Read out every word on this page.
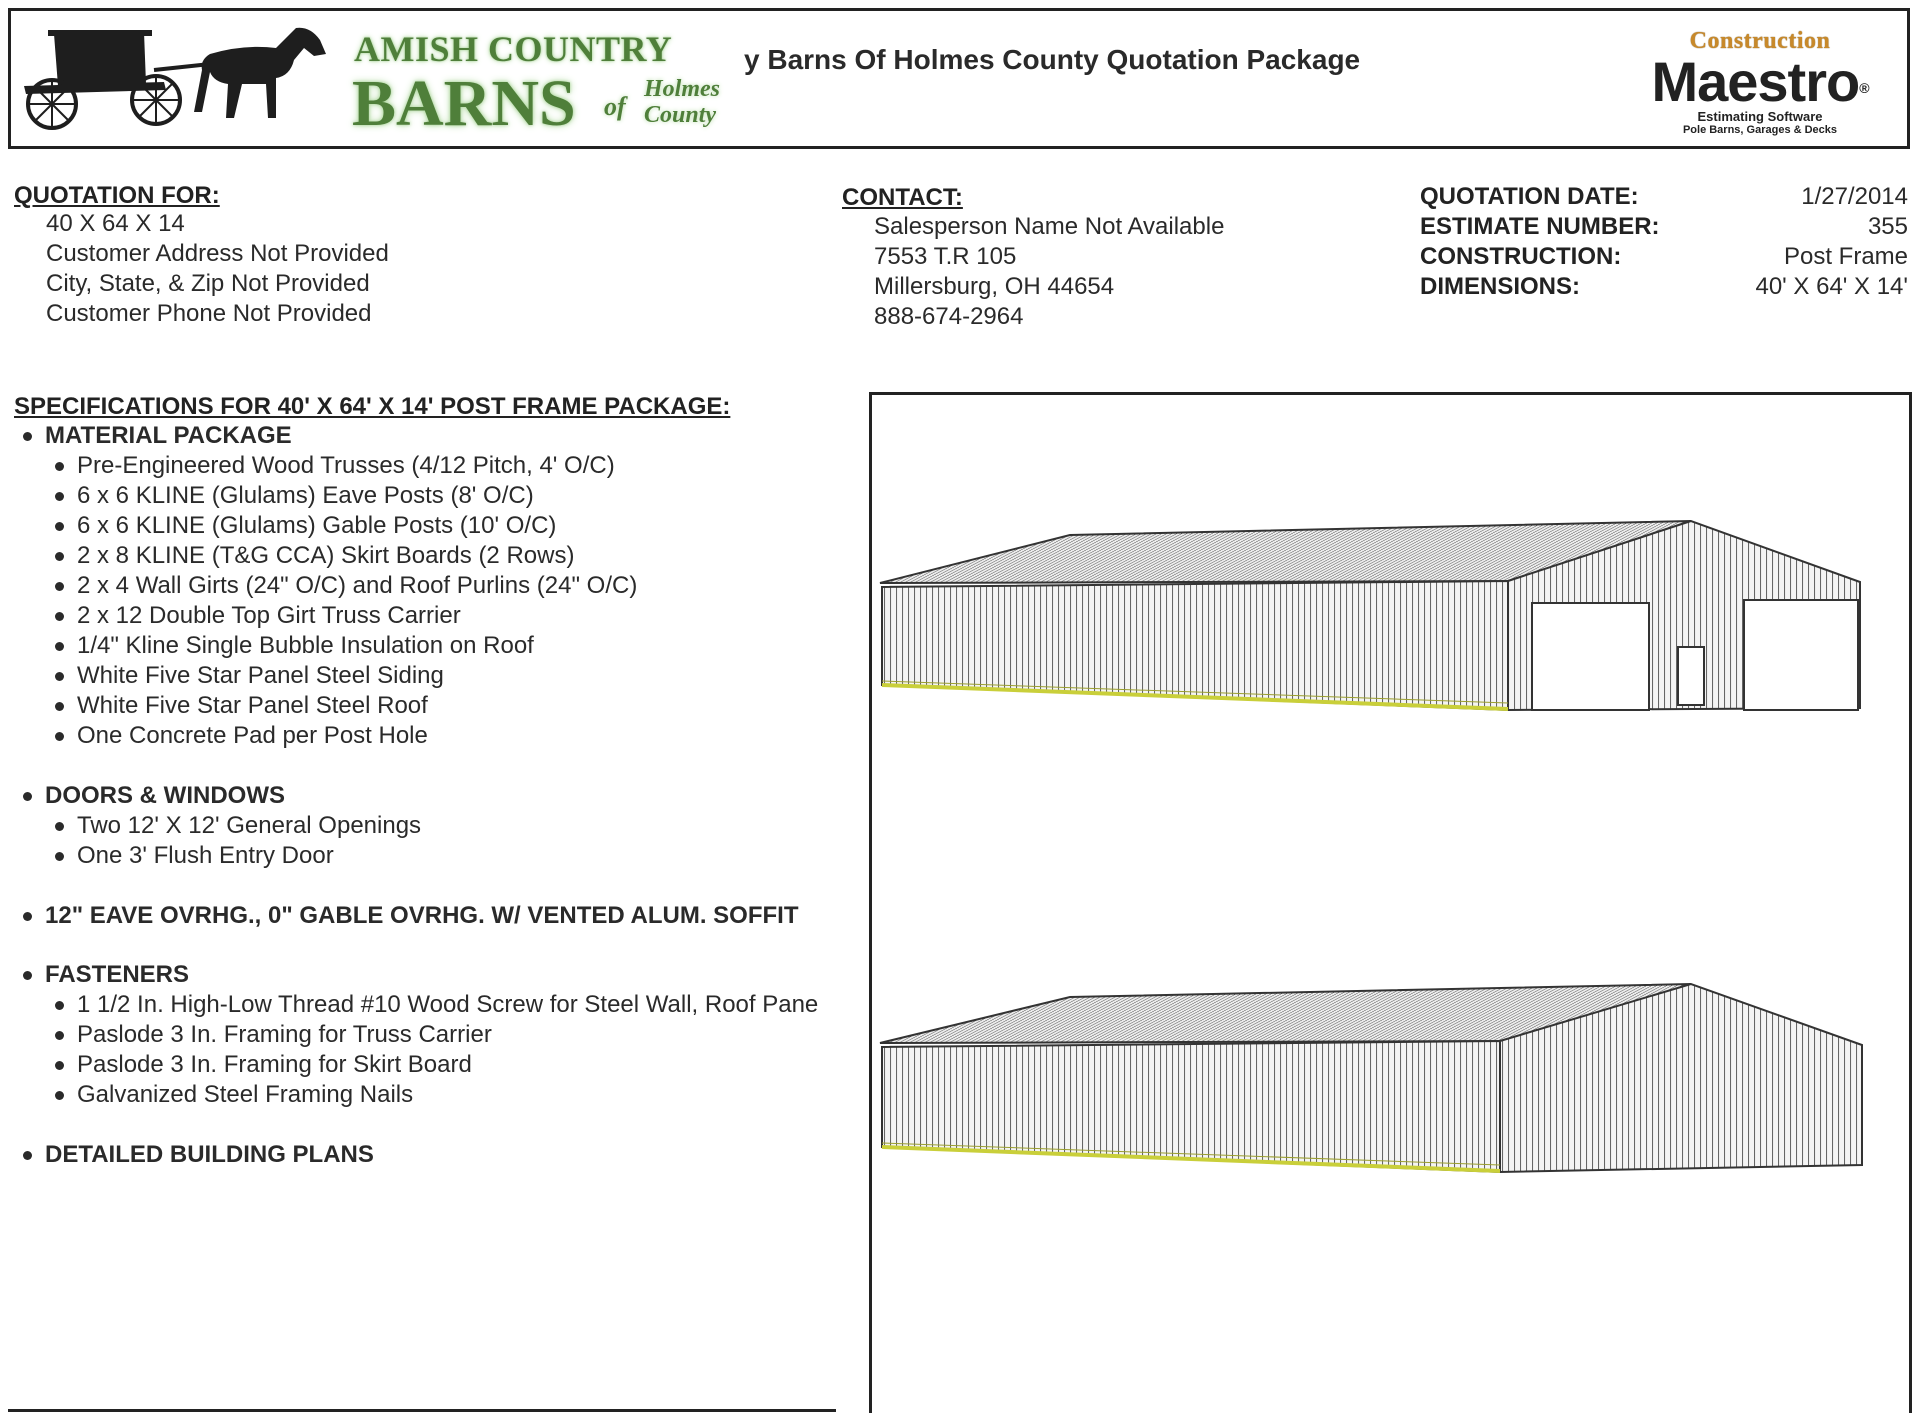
AMISH COUNTRY
BARNS of
Holmes
County
y Barns Of Holmes County Quotation Package
Construction
Maestro®
Estimating Software
Pole Barns, Garages & Decks
QUOTATION FOR:
40 X 64 X 14
Customer Address Not Provided
City, State, & Zip Not Provided
Customer Phone Not Provided
CONTACT:
Salesperson Name Not Available
7553 T.R 105
Millersburg, OH 44654
888-674-2964
QUOTATION DATE:
ESTIMATE NUMBER:
CONSTRUCTION:
DIMENSIONS:
1/27/2014
355
Post Frame
40' X 64' X 14'
SPECIFICATIONS FOR 40' X 64' X 14' POST FRAME PACKAGE:
MATERIAL PACKAGE
Pre-Engineered Wood Trusses (4/12 Pitch, 4' O/C)
6 x 6 KLINE (Glulams) Eave Posts (8' O/C)
6 x 6 KLINE (Glulams) Gable Posts (10' O/C)
2 x 8 KLINE (T&G CCA) Skirt Boards (2 Rows)
2 x 4 Wall Girts (24" O/C) and Roof Purlins (24" O/C)
2 x 12 Double Top Girt Truss Carrier
1/4" Kline Single Bubble Insulation on Roof
White Five Star Panel Steel Siding
White Five Star Panel Steel Roof
One Concrete Pad per Post Hole
DOORS & WINDOWS
Two 12' X 12' General Openings
One 3' Flush Entry Door
12" EAVE OVRHG., 0" GABLE OVRHG. W/ VENTED ALUM. SOFFIT
FASTENERS
1 1/2 In. High-Low Thread #10 Wood Screw for Steel Wall, Roof Pane
Paslode 3 In. Framing for Truss Carrier
Paslode 3 In. Framing for Skirt Board
Galvanized Steel Framing Nails
DETAILED BUILDING PLANS
